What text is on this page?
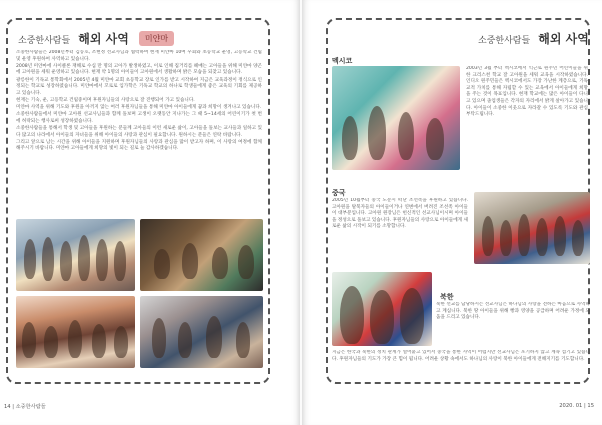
소중한사람들 해외 사역 미얀마

소중한사람들은 2008년부터 김동호, 조현정 선교사님과 협력하여 현재 미얀마 10여 우회와 초등학교 운영, 고등학교 건립 및 운영 후원하여 사역하고 있습니다.

2008년 미얀마에 사이클론 재해로 수십 만 명의 고아가 발생하였고, 이로 인해 집거리를 헤매는 고아들을 위해 미얀마 양곤에 고아원을 세워 운영하고 있습니다. 현재 약 1명의 아이들이 고아원에서 생활하며 밝은 모습을 되찾고 있습니다.

광릉한이 기독교 통학회에서 2005년 4월 미얀마 교회 초등학교 장로 인가를 받고 시작하여 지금은 교육과정이 정식으로 인정되는 학교로 성장하였습니다. 미얀마에서 꼬로로 입가학은 기독교 학교의 하나로 학생들에게 좋은 교육의 기회를 제공하고 있습니다.

현재는 기숙, 운, 고등학교 건립중이며 후원자님들의 사랑으로 잘 진행되어 가고 있습니다.

미얀마 사역을 위해 기도와 후원을 아끼지 않는 여러 후원자님들을 통해 미얀마 아이들에게 꿈과 희망이 생겨나고 있습니다.

소중한사람들에서 미얀마 고아원 선교사님들과 함께 돌보며 고생이 오랫동안 지나가는 그 때 5~14세의 어린이기가 첫 번에 허락되는 행사로써 성장하였습니다.

소중한사람들을 통해서 학생 및 고아들을 후원하는 분들께 고아들의 이런 새로운 삶이, 고아들을 돌보는 교사들과 일하고 있다 많고의 나라에서 아이들의 자녀들을 위해 아이들의 사랑과 관심이 필요합니다. 원하시는 분들은 연락 바랍니다.

그리고 앞으로 남는 시간을 위해 아이들을 지원하며 후원자님들의 사랑과 관심을 많이 받고자 하며, 이 사랑의 여정에 함께해주시기 바랍니다. 미얀마 고아들에게 희망의 빛이 되는 길로 늘 감사하겠습니다.

14 | 소중한사람들
소중한사람들 해외 사역
멕시코
2003년 3월 부터 멕시코에서 익근로 원주민 어린이들을 위한 크리스천 학교 잘 고아원을 세워 교육을 시작하였습니다. 인디오 원주민들은 멕시코에서도 가장 가난한 계층으로, 기독교적 가치를 통해 자립할 수 있는 교육에서 아이들에게 희망을 주는 것이 목표입니다. 현재 학교에는 많은 아이들이 다니고 있으며 졸업생들은 각자의 자리에서 밝게 살아가고 있습니다. 아이들이 소중한 이웃으로 자라갈 수 있도록 기도와 관심 부탁드립니다.
중국
2005년 10월부터 중국 도문시 떠난 조선족을 후원하고 있습니다. 고아원을 탈북자들의 아이들이거나 연변에서 버려진 조선족 아이들이 대부분입니다. 고아원 원장님은 헌신적인 선교사님이시며 아이들을 정성으로 돌보고 있습니다. 후원자님들의 사랑으로 아이들에게 새로운 삶의 시작이 되기를 소망합니다.
북한
북한 선교를 담당하시는 선교사님은 하나님의 사랑을 전하는 마음으로 사역하고 계십니다. 북한 땅 아이들을 위해 빵과 영양을 공급하며 어려운 가정에 도움을 드리고 있습니다.
지금은 한국과 북한의 정치 관계가 얼어붙고 있어서 중국을 통한 사역이 어렵지만 선교사님은 포기하지 않고 계속 섬기고 있습니다. 후원자님들의 기도가 가장 큰 힘이 됩니다. 어려운 상황 속에서도 하나님의 사랑이 북한 아이들에게 전해지기를 기도합니다.
2020. 01 | 15
